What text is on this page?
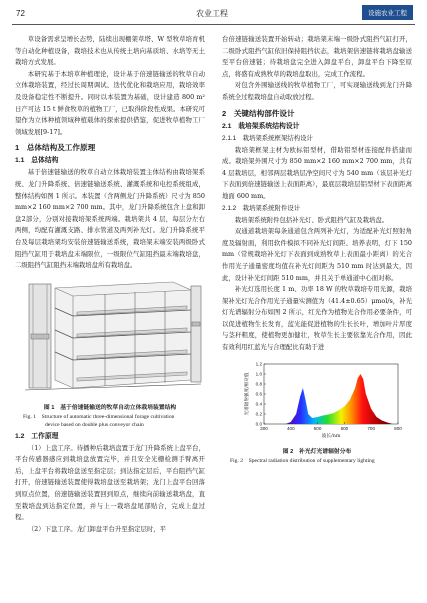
72	农业工程	设施农业工程

草设备需求呈增长态势，陆续出现棚架草塔、W 型牧草培育机等自动化种植设备，栽培技术也从传统土培向基质培、水培等无土栽培方式发展。

本研究基于本培草种植理论，设计基于倍速链输送的牧草自动立体栽培装置，经过长周期调试、迭代优化和栽培应用，栽培效率及设备稳定性不断提升。同时以本装置为基础，设计建造 800 m² 日产可达 15 t 鲜食牧草的植物工厂，已取得阶段性成果。本研究可望作为立体种植领域种植载体的探索提供借鉴，促进牧草植物工厂领域发展[9-17]。

1　总体结构及工作原理
1.1　总体结构

基于倍速链输送的牧草自动立体栽培装置主体结构由栽培架系统、龙门升降系统、倍速链输送系统、灌溉系统和电控系统组成，整体结构如图 1 所示。本装置（含两侧龙门升降系统）尺寸为 850 mm×2 160 mm×2 700 mm。其中，龙门升降系统包含上盘和卸盘2部分，分别对接栽培架系统两端。栽培架共 4 层，每层分左右两侧，均配有灌溉支路、排水管道及两列补光灯。龙门升降系统平台及每层栽培架均安装倍速链输送系统，栽培架末端安装两级卧式阻挡气缸用于栽培盘末端限位，一级限位气缸阻挡最末端栽培盘，二级阻挡气缸阻挡末端栽培盘所有栽培盘。

图 1　基于倍速链输送的牧草自动立体栽培装置结构
Fig. 1　Structure of automatic three-dimensional forage cultivation
device based on double plus conveyor chain
1.2　工作原理

（1）上盘工序。待播种后栽培盘置于龙门升降系统上盘平台，平台传感器感应到栽培盘放置完毕，并且安全光栅检测手臂离开后，上盘平台将栽培盘送至指定层；到达指定层后，平台阻挡气缸打开，倍速链输送装置使得栽培盘送至栽培架；龙门上盘平台回落到原点位置，倍速链输送装置回到原点，继续向前输送栽培盘，直至栽培盘到达指定位置，并与上一栽培盘尾部贴合，完成上盘过程。

（2）下盘工序。龙门卸盘平台升至指定层时，平

台倍速链输送装置开始转动；栽培架末端一级卧式阻挡气缸打开，二级卧式阻挡气缸依旧保持阻挡状态，栽培架倍速链将栽培盘输送至平台倍速链；待栽培盘完全进入卸盘平台，卸盘平台下降至原点，将盛有成熟牧草的栽培盘取出，完成工作流程。

对包含外围输送线的牧草植物工厂，可实现输送线到龙门升降系统全过程栽培盘自动取放过程。

2　关键结构部件设计
2.1　栽培架系统结构设计
2.1.1　栽培架系统框架结构设计

栽培架框架主材为欧标铝型材，借助铝型材连接配件搭建而成。栽培架外围尺寸为 850 mm×2 160 mm×2 700 mm，共有 4 层栽培层，相邻两层栽培层净空间尺寸为 540 mm（该层补光灯下表面到倍速链输送上表面距离），最底层栽培层铝型材下表面距离地面 600 mm。

2.1.2　栽培架系统附件设计

栽培架系统附件包括补光灯、卧式阻挡气缸及栽培盘。

双通道栽培架每条通道包含两列补光灯，为适配补光灯照射角度及辐射面，利用软件模拟不同补光灯间距、培养表明，灯下 150 mm（常规栽培补光灯下表面到成熟牧草上表面最小距离）的光合作用光子通量密度均值在补光灯间距为 510 mm 时达到最大，因此，设计补光灯间距 510 mm，并且关于单通道中心面对称。

补光灯选用长度 1 m、功率 18 W 的牧草栽培专用光源，栽培架补光灯光合作用光子通量实测值为（41.4±0.65）μmol/s，补光灯光谱辐射分布如图 2 所示，红光作为植物光合作用必要条件，可以促进植物生长发育，蓝光能促进植物的生长长叶，增加叶片厚度与茎秆粗度，使植物更加健壮，牧草生长主要依靠光合作用，因此有效利用红蓝光与合理配比有助于进

300	400	500	600	700	800
0.0
0.2
0.4
0.6
0.8
1.0
1.2
波长/nm
光谱辐射强度/相对值
图 2　补光灯光谱辐射分布
Fig. 2　Spectral radiation distribution of supplementary lighting
